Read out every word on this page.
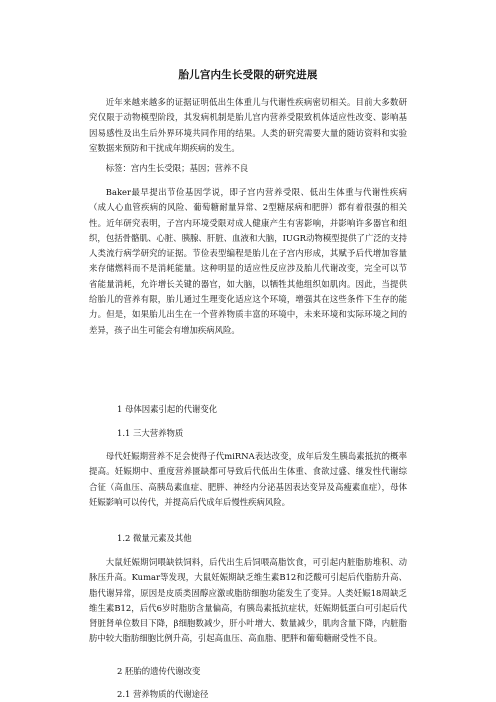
胎儿宫内生长受限的研究进展
近年来越来越多的证据证明低出生体重儿与代谢性疾病密切相关。目前大多数研究仅限于动物模型阶段，其发病机制是胎儿宫内营养受限致机体适应性改变、影响基因易感性及出生后外界环境共同作用的结果。人类的研究需要大量的随访资料和实验室数据来预防和干扰成年期疾病的发生。
标签：宫内生长受限；基因；营养不良
Baker最早提出节俭基因学说，即子宫内营养受限、低出生体重与代谢性疾病（成人心血管疾病的风险、葡萄糖耐量异常、2型糖尿病和肥胖）都有着很强的相关性。近年研究表明，子宫内环境受限对成人健康产生有害影响，并影响许多器官和组织，包括骨骼肌、心脏、胰腺、肝脏、血液和大脑，IUGR动物模型提供了广泛的支持人类流行病学研究的证据。节俭表型编程是胎儿在子宫内形成，其赋予后代增加容量来存储燃料而不是消耗能量。这种明显的适应性反应涉及胎儿代谢改变，完全可以节省能量消耗，允许增长关键的器官，如大脑，以牺牲其他组织如肌肉。因此，当提供给胎儿的营养有限，胎儿通过生理变化适应这个环境，增强其在这些条件下生存的能力。但是，如果胎儿出生在一个营养物质丰富的环境中，未来环境和实际环境之间的差异，孩子出生可能会有增加疾病风险。
1 母体因素引起的代谢变化
1.1 三大营养物质
母代妊娠期营养不足会使得子代miRNA表达改变，成年后发生胰岛素抵抗的概率提高。妊娠期中、重度营养匮缺都可导致后代低出生体重、食欲过盛、继发性代谢综合征（高血压、高胰岛素血症、肥胖、神经内分泌基因表达变异及高瘦素血症），母体妊娠影响可以传代，并提高后代成年后慢性疾病风险。
1.2 微量元素及其他
大鼠妊娠期饲喂缺铁饲料，后代出生后饲喂高脂饮食，可引起内脏脂肪堆积、动脉压升高。Kumar等发现，大鼠妊娠期缺乏维生素B12和泛酸可引起后代脂肪升高、脂代谢异常，原因是皮质类固醇应激或脂肪细胞功能发生了变异。人类妊娠18周缺乏维生素B12，后代6岁时脂肪含量偏高，有胰岛素抵抗症状，妊娠期低蛋白可引起后代肾脏肾单位数目下降，β细胞数减少，肝小叶增大、数量减少，肌肉含量下降，内脏脂肪中较大脂肪细胞比例升高，引起高血压、高血脂、肥胖和葡萄糖耐受性不良。
2 胚胎的遗传代谢改变
2.1 营养物质的代谢途径
